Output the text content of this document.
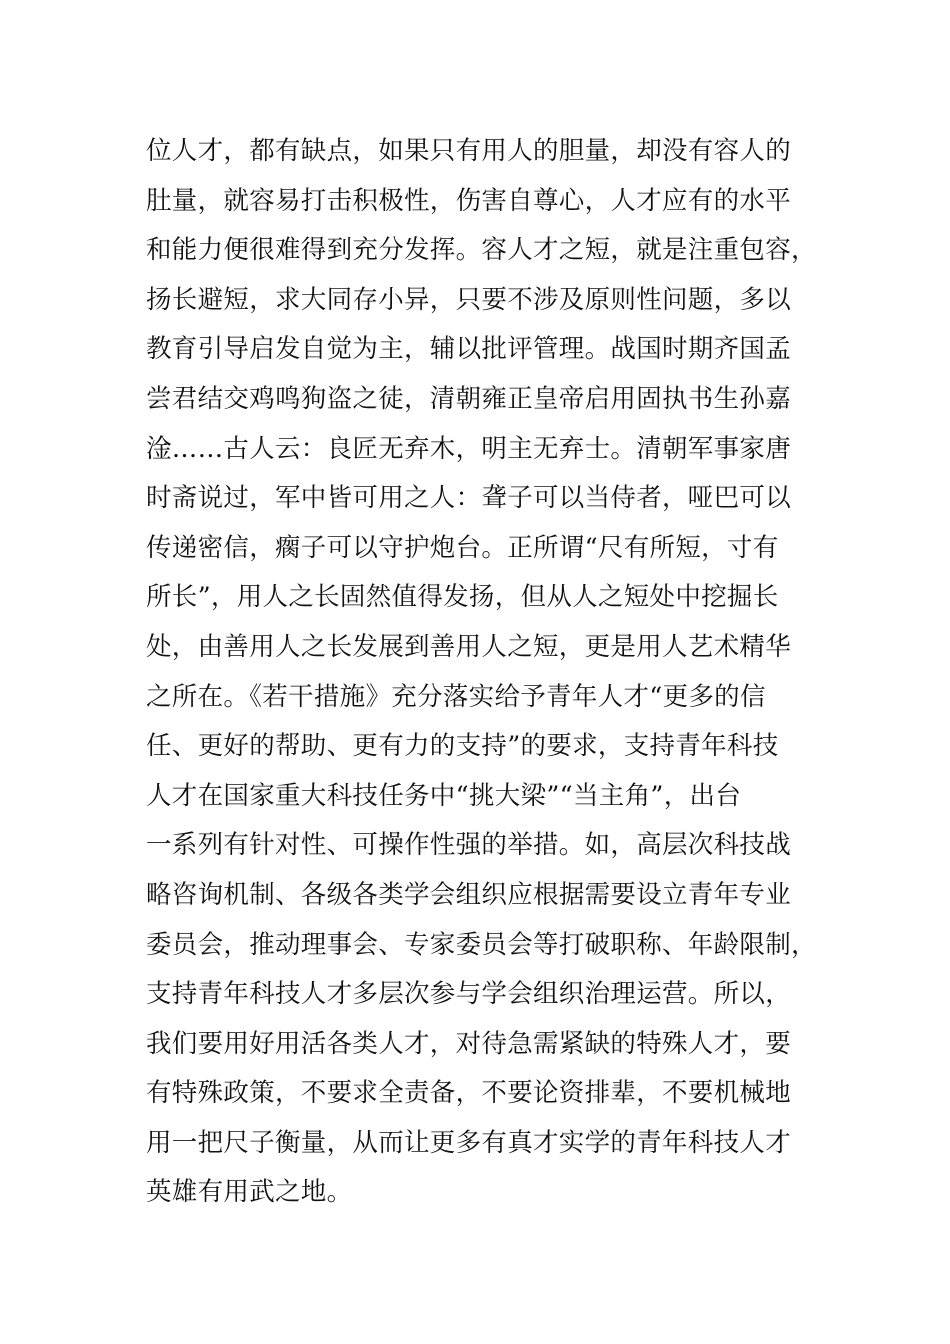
位人才，都有缺点，如果只有用人的胆量，却没有容人的
肚量，就容易打击积极性，伤害自尊心，人才应有的水平
和能力便很难得到充分发挥。容人才之短，就是注重包容，
扬长避短，求大同存小异，只要不涉及原则性问题，多以
教育引导启发自觉为主，辅以批评管理。战国时期齐国孟
尝君结交鸡鸣狗盗之徒，清朝雍正皇帝启用固执书生孙嘉
淦……古人云：良匠无弃木，明主无弃士。清朝军事家唐
时斋说过，军中皆可用之人：聋子可以当侍者，哑巴可以
传递密信，瘸子可以守护炮台。正所谓“尺有所短，寸有
所长”，用人之长固然值得发扬，但从人之短处中挖掘长
处，由善用人之长发展到善用人之短，更是用人艺术精华
之所在。《若干措施》充分落实给予青年人才“更多的信
任、更好的帮助、更有力的支持”的要求，支持青年科技
人才在国家重大科技任务中“挑大梁”“当主角”，出台
一系列有针对性、可操作性强的举措。如，高层次科技战
略咨询机制、各级各类学会组织应根据需要设立青年专业
委员会，推动理事会、专家委员会等打破职称、年龄限制，
支持青年科技人才多层次参与学会组织治理运营。所以，
我们要用好用活各类人才，对待急需紧缺的特殊人才，要
有特殊政策，不要求全责备，不要论资排辈，不要机械地
用一把尺子衡量，从而让更多有真才实学的青年科技人才
英雄有用武之地。
